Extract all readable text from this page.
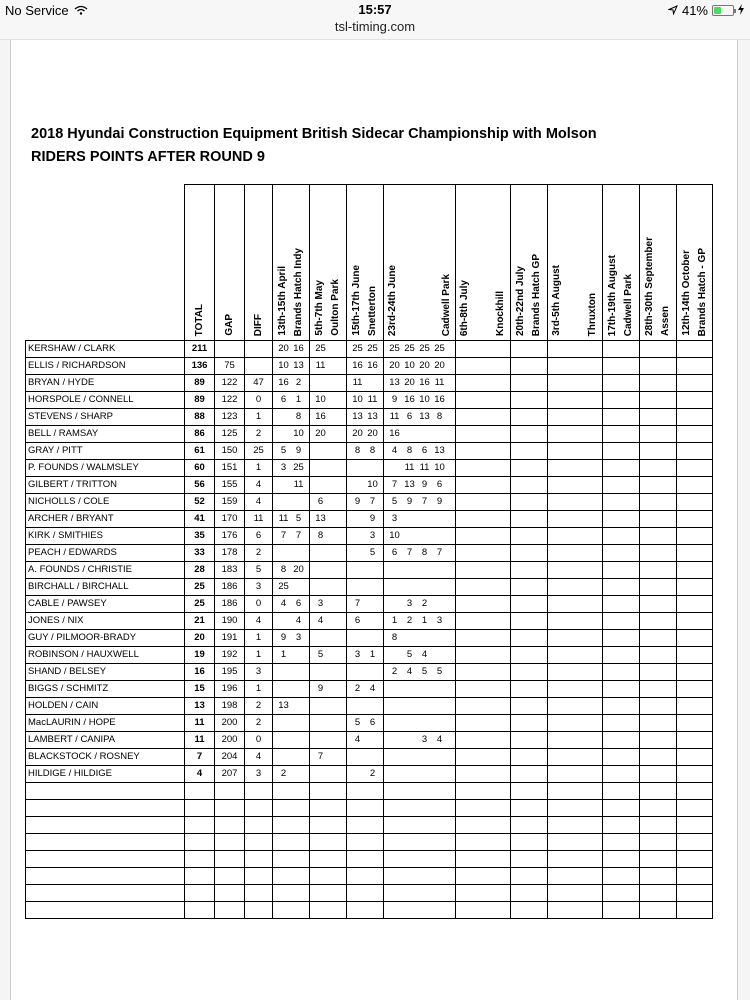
No Service	15:57	41%
tsl-timing.com
2018 Hyundai Construction Equipment British Sidecar Championship with Molson
RIDERS POINTS AFTER ROUND 9

	TOTAL	GAP	DIFF	13th-15th April Brands Hatch Indy	5th-7th May Oulton Park	15th-17th June Snetterton	23rd-24th June Cadwell Park	6th-8th July Knockhill	20th-22nd July Brands Hatch GP	3rd-5th August Thruxton	17th-19th August Cadwell Park	28th-30th September Assen	12th-14th October Brands Hatch - GP

KERSHAW / CLARK	211			20 16	25	25 25	25 25 25 25						
ELLIS / RICHARDSON	136	75		10 13	11	16 16	20 10 20 20						
BRYAN / HYDE	89	122	47	16 2		11	13 20 16 11						
HORSPOLE / CONNELL	89	122	0	6 1	10	10 11	9 16 10 16						
STEVENS / SHARP	88	123	1	8	16	13 13	11 6 13 8						
BELL / RAMSAY	86	125	2	10	20	20 20	16						
GRAY / PITT	61	150	25	5 9		8 8	4 8 6 13						
P. FOUNDS / WALMSLEY	60	151	1	3 25			11 11 10						
GILBERT / TRITTON	56	155	4	11		10	7 13 9 6						
NICHOLLS / COLE	52	159	4		6	9 7	5 9 7 9						
ARCHER / BRYANT	41	170	11	11 5	13	9	3						
KIRK / SMITHIES	35	176	6	7 7	8	3	10						
PEACH / EDWARDS	33	178	2			5	6 7 8 7						
A. FOUNDS / CHRISTIE	28	183	5	8 20									
BIRCHALL / BIRCHALL	25	186	3	25									
CABLE / PAWSEY	25	186	0	4 6	3	7	3 2						
JONES / NIX	21	190	4	4	4	6	1 2 1 3						
GUY / PILMOOR-BRADY	20	191	1	9 3			8						
ROBINSON / HAUXWELL	19	192	1	1	5	3 1	5 4						
SHAND / BELSEY	16	195	3				2 4 5 5						
BIGGS / SCHMITZ	15	196	1		9	2 4							
HOLDEN / CAIN	13	198	2	13									
MacLAURIN / HOPE	11	200	2			5 6							
LAMBERT / CANIPA	11	200	0			4	3 4						
BLACKSTOCK / ROSNEY	7	204	4		7								
HILDIGE / HILDIGE	4	207	3	2		2							
